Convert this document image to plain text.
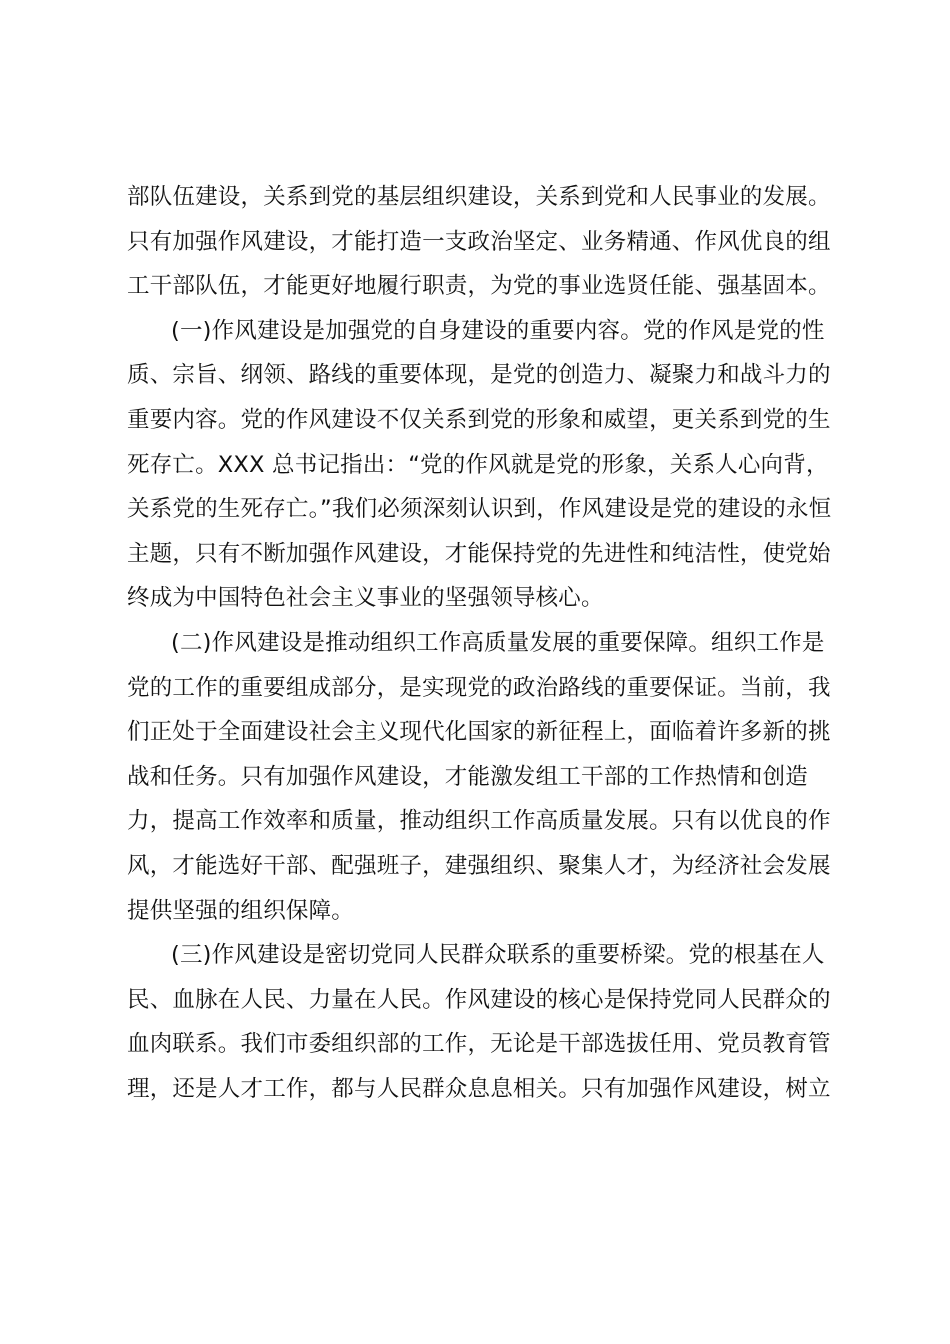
部队伍建设，关系到党的基层组织建设，关系到党和人民事业的发展。
只有加强作风建设，才能打造一支政治坚定、业务精通、作风优良的组
工干部队伍，才能更好地履行职责，为党的事业选贤任能、强基固本。
(一)作风建设是加强党的自身建设的重要内容。党的作风是党的性
质、宗旨、纲领、路线的重要体现，是党的创造力、凝聚力和战斗力的
重要内容。党的作风建设不仅关系到党的形象和威望，更关系到党的生
死存亡。XXX 总书记指出：“党的作风就是党的形象，关系人心向背，
关系党的生死存亡。”我们必须深刻认识到，作风建设是党的建设的永恒
主题，只有不断加强作风建设，才能保持党的先进性和纯洁性，使党始
终成为中国特色社会主义事业的坚强领导核心。
(二)作风建设是推动组织工作高质量发展的重要保障。组织工作是
党的工作的重要组成部分，是实现党的政治路线的重要保证。当前，我
们正处于全面建设社会主义现代化国家的新征程上，面临着许多新的挑
战和任务。只有加强作风建设，才能激发组工干部的工作热情和创造
力，提高工作效率和质量，推动组织工作高质量发展。只有以优良的作
风，才能选好干部、配强班子，建强组织、聚集人才，为经济社会发展
提供坚强的组织保障。
(三)作风建设是密切党同人民群众联系的重要桥梁。党的根基在人
民、血脉在人民、力量在人民。作风建设的核心是保持党同人民群众的
血肉联系。我们市委组织部的工作，无论是干部选拔任用、党员教育管
理，还是人才工作，都与人民群众息息相关。只有加强作风建设，树立
